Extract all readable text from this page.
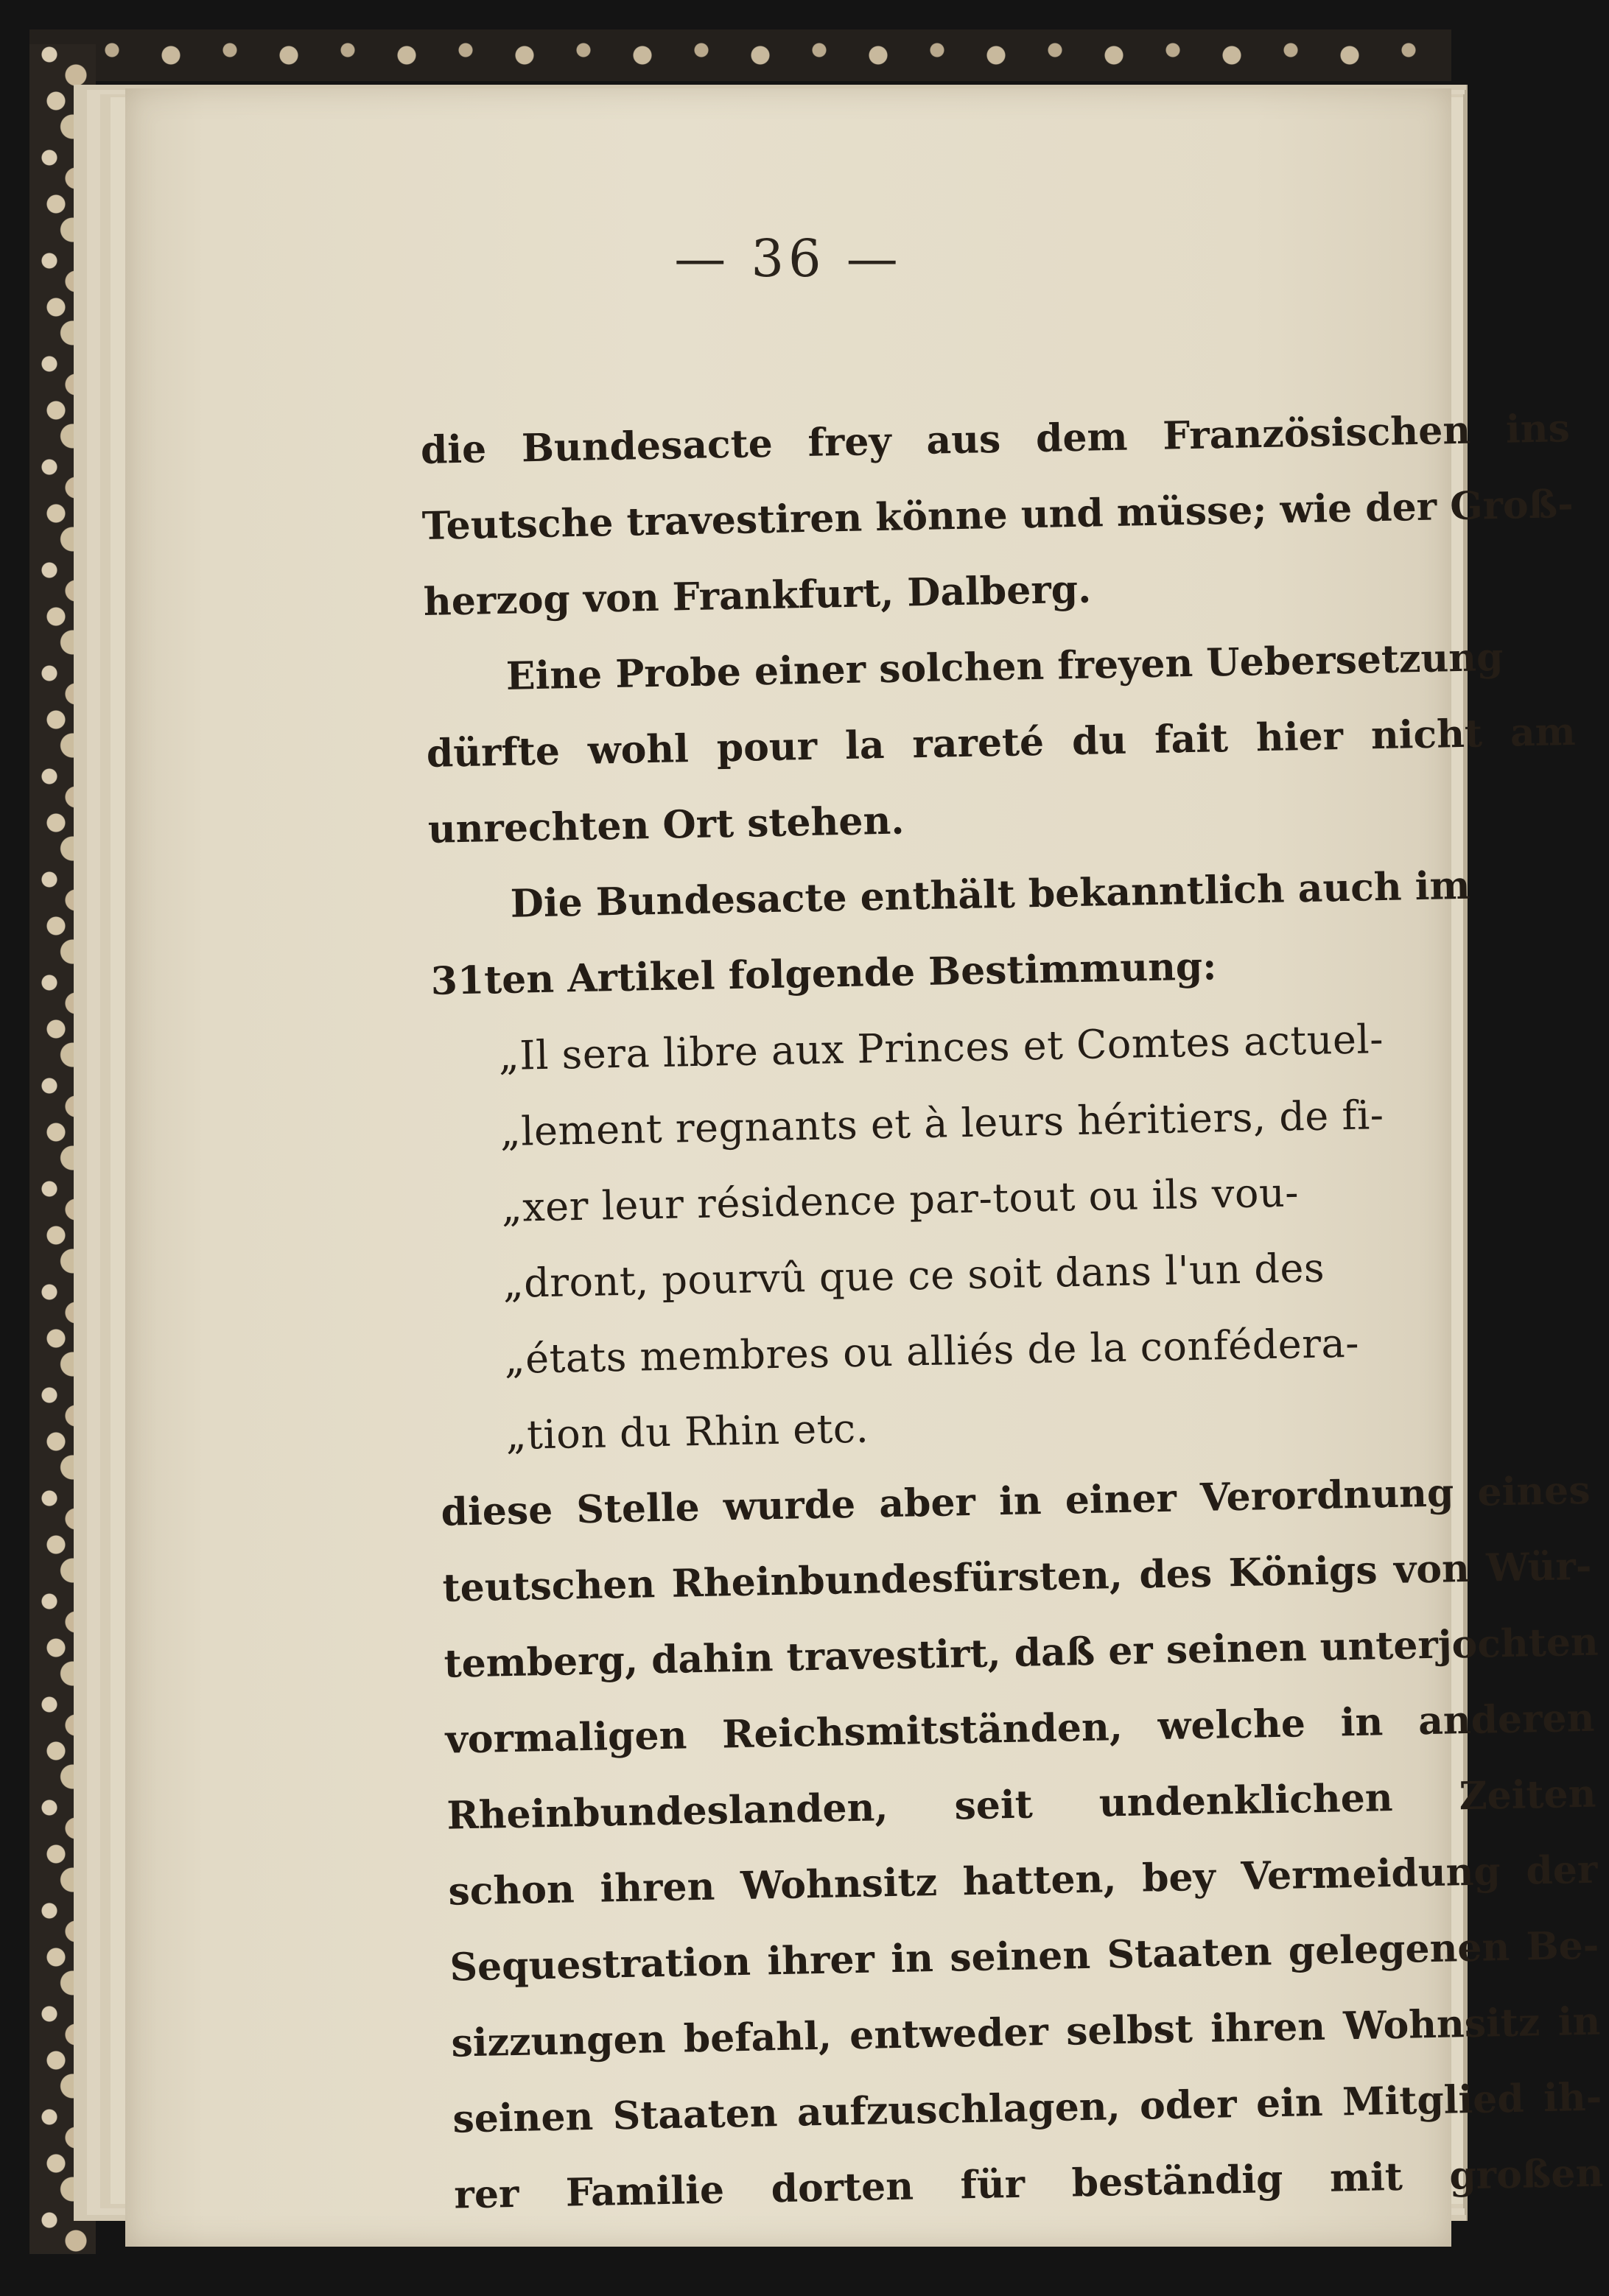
— 36 —
die Bundesacte frey aus dem Französischen ins
Teutsche travestiren könne und müsse; wie der Groß-
herzog von Frankfurt, Dalberg.
Eine Probe einer solchen freyen Uebersetzung
dürfte wohl pour la rareté du fait hier nicht am
unrechten Ort stehen.
Die Bundesacte enthält bekanntlich auch im
31ten Artikel folgende Bestimmung:
„Il sera libre aux Princes et Comtes actuel-
„lement regnants et à leurs héritiers, de fi-
„xer leur résidence par-tout ou ils vou-
„dront, pourvû que ce soit dans l'un des
„états membres ou alliés de la confédera-
„tion du Rhin etc.
diese Stelle wurde aber in einer Verordnung eines
teutschen Rheinbundesfürsten, des Königs von Wür-
temberg, dahin travestirt, daß er seinen unterjochten
vormaligen Reichsmitständen, welche in anderen
Rheinbundeslanden, seit undenklichen Zeiten
schon ihren Wohnsitz hatten, bey Vermeidung der
Sequestration ihrer in seinen Staaten gelegenen Be-
sizzungen befahl, entweder selbst ihren Wohnsitz in
seinen Staaten aufzuschlagen, oder ein Mitglied ih-
rer Familie dorten für beständig mit großen
